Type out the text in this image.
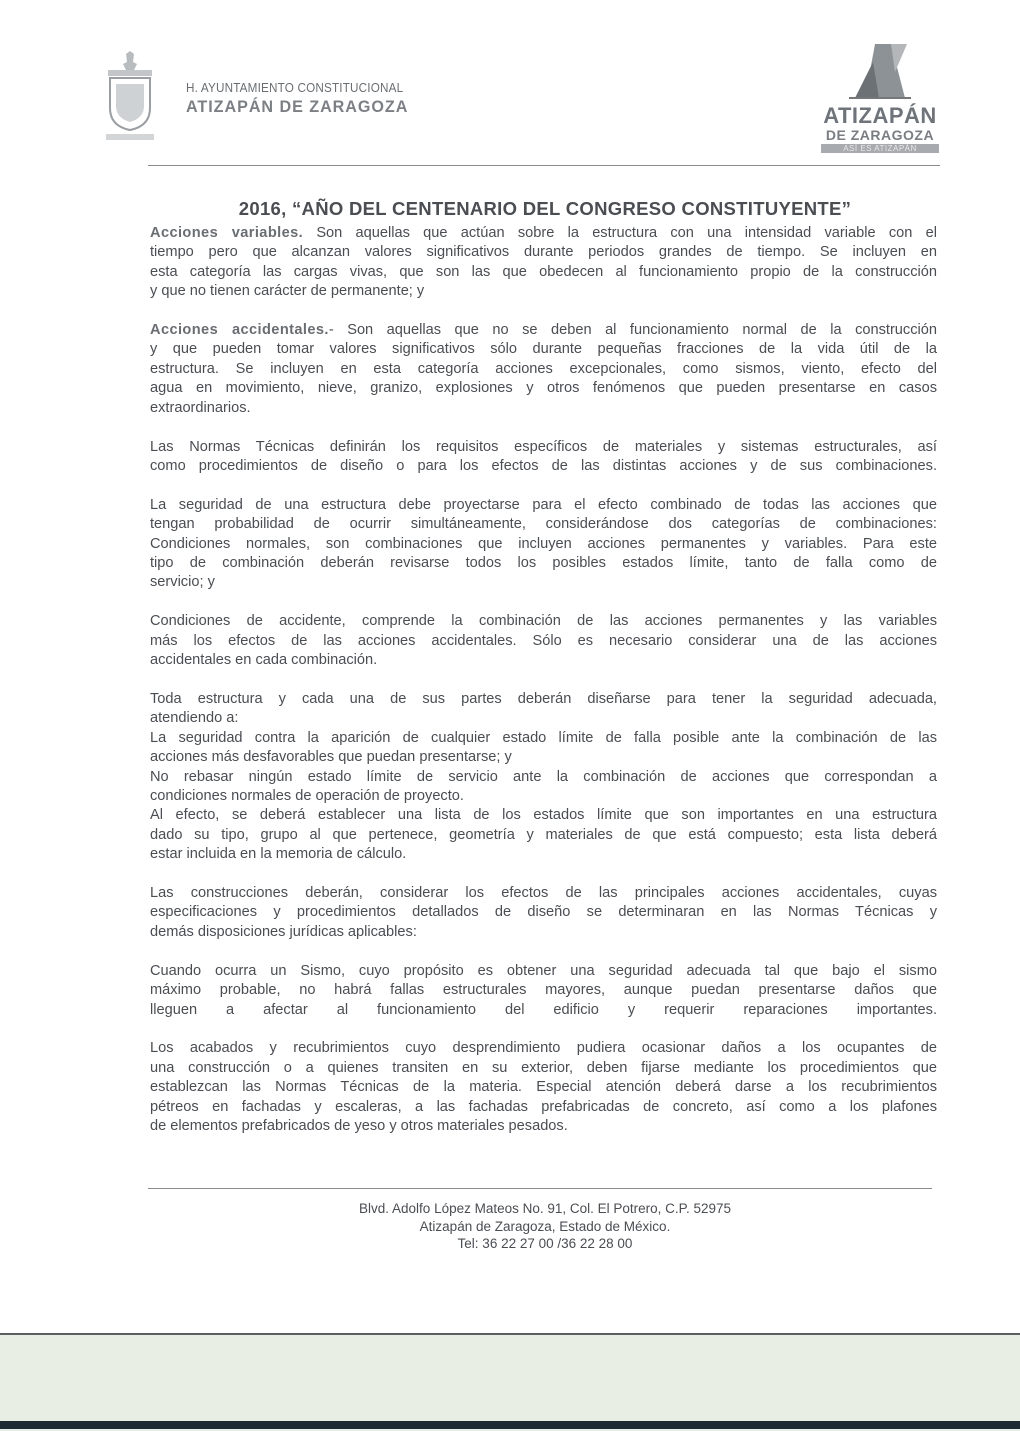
H. AYUNTAMIENTO CONSTITUCIONAL
ATIZAPÁN DE ZARAGOZA	ATIZAPÁN
DE ZARAGOZA
ASÍ ES ATIZAPÁN
2016, “AÑO DEL CENTENARIO DEL CONGRESO CONSTITUYENTE”
Acciones variables. Son aquellas que actúan sobre la estructura con una intensidad variable con el
tiempo pero que alcanzan valores significativos durante periodos grandes de tiempo. Se incluyen en
esta categoría las cargas vivas, que son las que obedecen al funcionamiento propio de la construcción
y que no tienen carácter de permanente; y
Acciones accidentales.- Son aquellas que no se deben al funcionamiento normal de la construcción
y que pueden tomar valores significativos sólo durante pequeñas fracciones de la vida útil de la
estructura. Se incluyen en esta categoría acciones excepcionales, como sismos, viento, efecto del
agua en movimiento, nieve, granizo, explosiones y otros fenómenos que pueden presentarse en casos
extraordinarios.
Las Normas Técnicas definirán los requisitos específicos de materiales y sistemas estructurales, así
como procedimientos de diseño o para los efectos de las distintas acciones y de sus combinaciones.
La seguridad de una estructura debe proyectarse para el efecto combinado de todas las acciones que
tengan probabilidad de ocurrir simultáneamente, considerándose dos categorías de combinaciones:
Condiciones normales, son combinaciones que incluyen acciones permanentes y variables. Para este
tipo de combinación deberán revisarse todos los posibles estados límite, tanto de falla como de
servicio; y
Condiciones de accidente, comprende la combinación de las acciones permanentes y las variables
más los efectos de las acciones accidentales. Sólo es necesario considerar una de las acciones
accidentales en cada combinación.
Toda estructura y cada una de sus partes deberán diseñarse para tener la seguridad adecuada,
atendiendo a:
La seguridad contra la aparición de cualquier estado límite de falla posible ante la combinación de las
acciones más desfavorables que puedan presentarse; y
No rebasar ningún estado límite de servicio ante la combinación de acciones que correspondan a
condiciones normales de operación de proyecto.
Al efecto, se deberá establecer una lista de los estados límite que son importantes en una estructura
dado su tipo, grupo al que pertenece, geometría y materiales de que está compuesto; esta lista deberá
estar incluida en la memoria de cálculo.
Las construcciones deberán, considerar los efectos de las principales acciones accidentales, cuyas
especificaciones y procedimientos detallados de diseño se determinaran en las Normas Técnicas y
demás disposiciones jurídicas aplicables:
Cuando ocurra un Sismo, cuyo propósito es obtener una seguridad adecuada tal que bajo el sismo
máximo probable, no habrá fallas estructurales mayores, aunque puedan presentarse daños que
lleguen a afectar al funcionamiento del edificio y requerir reparaciones importantes.
Los acabados y recubrimientos cuyo desprendimiento pudiera ocasionar daños a los ocupantes de
una construcción o a quienes transiten en su exterior, deben fijarse mediante los procedimientos que
establezcan las Normas Técnicas de la materia. Especial atención deberá darse a los recubrimientos
pétreos en fachadas y escaleras, a las fachadas prefabricadas de concreto, así como a los plafones
de elementos prefabricados de yeso y otros materiales pesados.
Blvd. Adolfo López Mateos No. 91, Col. El Potrero, C.P. 52975
Atizapán de Zaragoza, Estado de México.
Tel: 36 22 27 00 /36 22 28 00
